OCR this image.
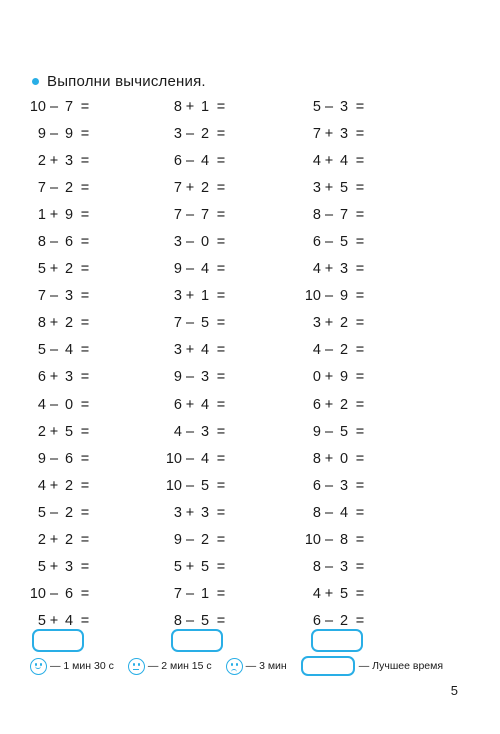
Выполни вычисления.
10 – 7 =
9 – 9 =
2 + 3 =
7 – 2 =
1 + 9 =
8 – 6 =
5 + 2 =
7 – 3 =
8 + 2 =
5 – 4 =
6 + 3 =
4 – 0 =
2 + 5 =
9 – 6 =
4 + 2 =
5 – 2 =
2 + 2 =
5 + 3 =
10 – 6 =
5 + 4 =
8 + 1 =
3 – 2 =
6 – 4 =
7 + 2 =
7 – 7 =
3 – 0 =
9 – 4 =
3 + 1 =
7 – 5 =
3 + 4 =
9 – 3 =
6 + 4 =
4 – 3 =
10 – 4 =
10 – 5 =
3 + 3 =
9 – 2 =
5 + 5 =
7 – 1 =
8 – 5 =
5 – 3 =
7 + 3 =
4 + 4 =
3 + 5 =
8 – 7 =
6 – 5 =
4 + 3 =
10 – 9 =
3 + 2 =
4 – 2 =
0 + 9 =
6 + 2 =
9 – 5 =
8 + 0 =
6 – 3 =
8 – 4 =
10 – 8 =
8 – 3 =
4 + 5 =
6 – 2 =
— 1 мин 30 с	— 2 мин 15 с	— 3 мин	— Лучшее время
5
